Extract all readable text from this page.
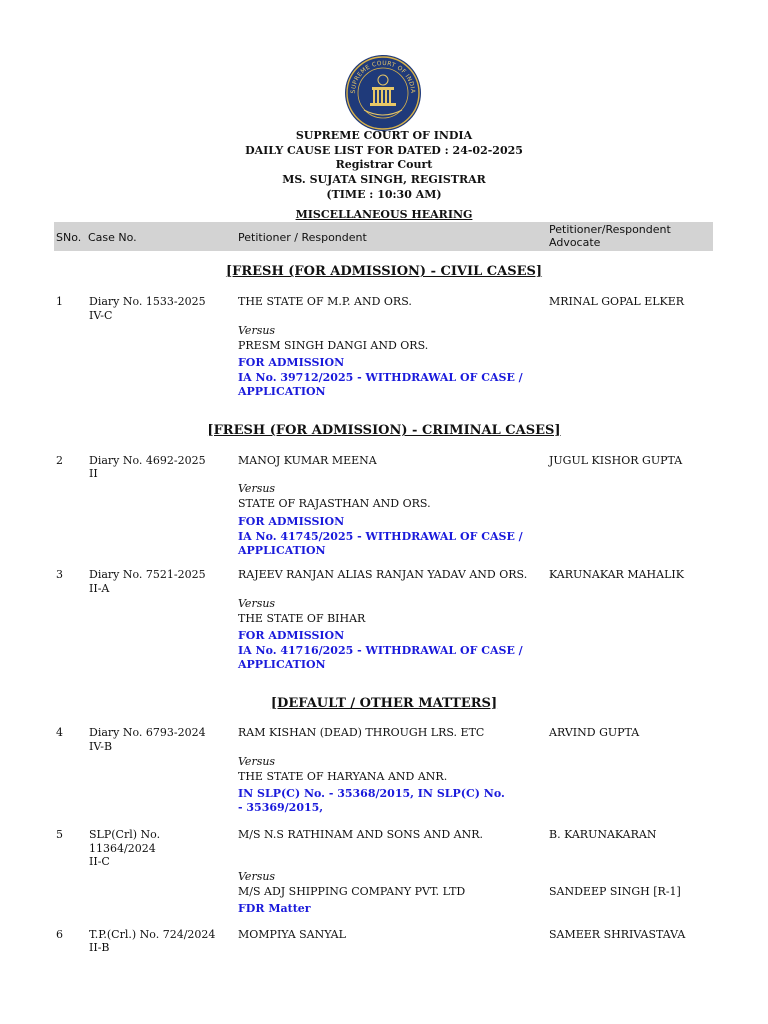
SUPREME COURT OF INDIA
SUPREME COURT OF INDIA
DAILY CAUSE LIST FOR DATED : 24-02-2025
Registrar Court
MS. SUJATA SINGH, REGISTRAR
(TIME : 10:30 AM)
MISCELLANEOUS HEARING
SNo. Case No.	Petitioner / Respondent
Petitioner/Respondent Advocate
[FRESH (FOR ADMISSION) - CIVIL CASES]
1 Diary No. 1533-2025
IV-C
THE STATE OF M.P. AND ORS.
Versus
PRESM SINGH DANGI AND ORS.
FOR ADMISSION
IA No. 39712/2025 - WITHDRAWAL OF CASE / APPLICATION
MRINAL GOPAL ELKER
[FRESH (FOR ADMISSION) - CRIMINAL CASES]
2 Diary No. 4692-2025
II
MANOJ KUMAR MEENA
Versus
STATE OF RAJASTHAN AND ORS.
FOR ADMISSION
IA No. 41745/2025 - WITHDRAWAL OF CASE / APPLICATION
JUGUL KISHOR GUPTA
3 Diary No. 7521-2025
II-A
RAJEEV RANJAN ALIAS RANJAN YADAV AND ORS.
Versus
THE STATE OF BIHAR
FOR ADMISSION
IA No. 41716/2025 - WITHDRAWAL OF CASE / APPLICATION
KARUNAKAR MAHALIK
[DEFAULT / OTHER MATTERS]
4 Diary No. 6793-2024
IV-B
RAM KISHAN (DEAD) THROUGH LRS. ETC
Versus
THE STATE OF HARYANA AND ANR.
IN SLP(C) No. - 35368/2015, IN SLP(C) No. - 35369/2015,
ARVIND GUPTA
5 SLP(Crl) No. 11364/2024
II-C
M/S N.S RATHINAM AND SONS AND ANR.
Versus
M/S ADJ SHIPPING COMPANY PVT. LTD
FDR Matter
B. KARUNAKARAN
SANDEEP SINGH [R-1]
6 T.P.(Crl.) No. 724/2024
II-B
MOMPIYA SANYAL	SAMEER SHRIVASTAVA
